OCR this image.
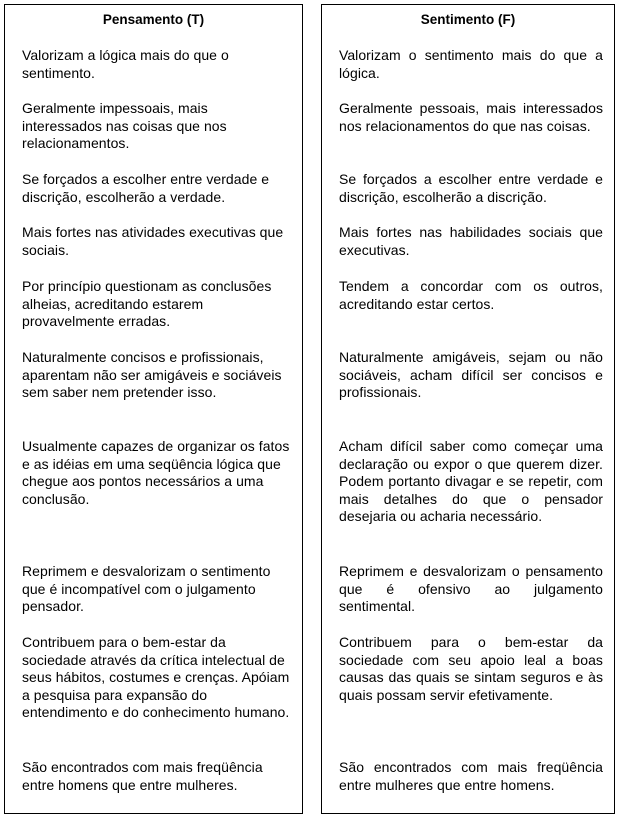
Pensamento (T)

Valorizam a lógica mais do que o sentimento.

Geralmente impessoais, mais interessados nas coisas que nos relacionamentos.

Se forçados a escolher entre verdade e discrição, escolherão a verdade.

Mais fortes nas atividades executivas que sociais.

Por princípio questionam as conclusões alheias, acreditando estarem provavelmente erradas.

Naturalmente concisos e profissionais, aparentam não ser amigáveis e sociáveis sem saber nem pretender isso.

Usualmente capazes de organizar os fatos e as idéias em uma seqüência lógica que chegue aos pontos necessários a uma conclusão.

Reprimem e desvalorizam o sentimento que é incompatível com o julgamento pensador.

Contribuem para o bem-estar da sociedade através da crítica intelectual de seus hábitos, costumes e crenças. Apóiam a pesquisa para expansão do entendimento e do conhecimento humano.

São encontrados com mais freqüência entre homens que entre mulheres.

Sentimento (F)

Valorizam o sentimento mais do que a lógica.

Geralmente pessoais, mais interessados nos relacionamentos do que nas coisas.

Se forçados a escolher entre verdade e discrição, escolherão a discrição.

Mais fortes nas habilidades sociais que executivas.

Tendem a concordar com os outros, acreditando estar certos.

Naturalmente amigáveis, sejam ou não sociáveis, acham difícil ser concisos e profissionais.

Acham difícil saber como começar uma declaração ou expor o que querem dizer. Podem portanto divagar e se repetir, com mais detalhes do que o pensador desejaria ou acharia necessário.

Reprimem e desvalorizam o pensamento que é ofensivo ao julgamento sentimental.

Contribuem para o bem-estar da sociedade com seu apoio leal a boas causas das quais se sintam seguros e às quais possam servir efetivamente.

São encontrados com mais freqüência entre mulheres que entre homens.
